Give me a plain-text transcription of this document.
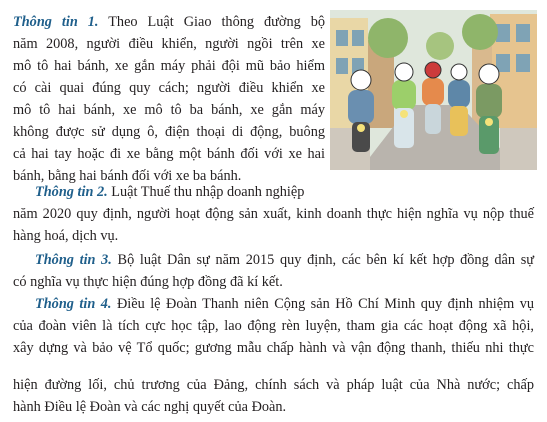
Thông tin 1. Theo Luật Giao thông đường bộ
năm 2008, người điều khiển, người ngồi trên xe
mô tô hai bánh, xe gắn máy phải đội mũ bảo hiểm
có cài quai đúng quy cách; người điều khiển xe
mô tô hai bánh, xe mô tô ba bánh, xe gắn máy
không được sử dụng ô, điện thoại di động, buông
cả hai tay hoặc đi xe bằng một bánh đối với xe hai
bánh, bằng hai bánh đối với xe ba bánh.
Thông tin 2. Luật Thuế thu nhập doanh nghiệp
năm 2020 quy định, người hoạt động sản xuất, kinh doanh thực hiện nghĩa vụ nộp thuế
hàng hoá, dịch vụ.
Thông tin 3. Bộ luật Dân sự năm 2015 quy định, các bên kí kết hợp đồng dân sự
có nghĩa vụ thực hiện đúng hợp đồng đã kí kết.
Thông tin 4. Điều lệ Đoàn Thanh niên Cộng sản Hồ Chí Minh quy định nhiệm vụ
của đoàn viên là tích cực học tập, lao động rèn luyện, tham gia các hoạt động xã hội,
xây dựng và bảo vệ Tổ quốc; gương mẫu chấp hành và vận động thanh, thiếu nhi thực
hiện đường lối, chủ trương của Đảng, chính sách và pháp luật của Nhà nước; chấp
hành Điều lệ Đoàn và các nghị quyết của Đoàn.
